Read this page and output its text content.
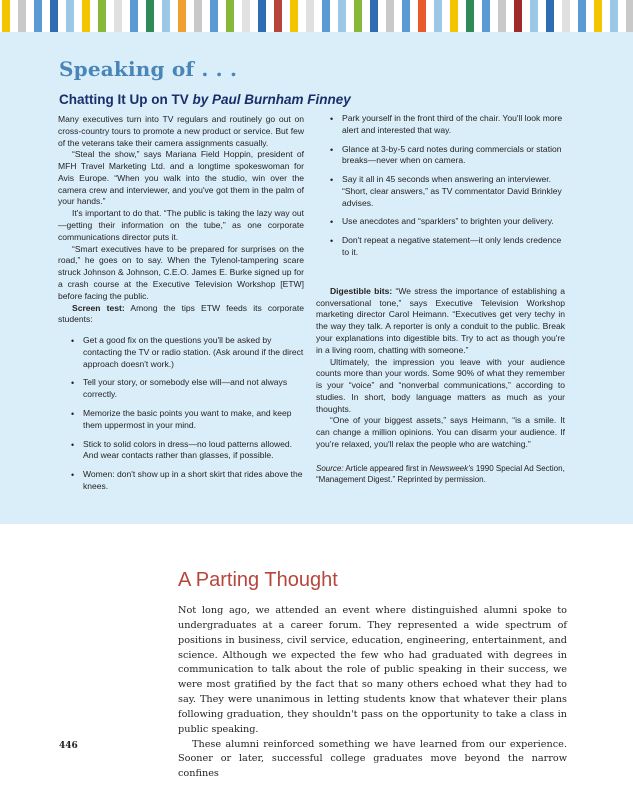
Speaking of . . .
Chatting It Up on TV by Paul Burnham Finney

Many executives turn into TV regulars and routinely go out on cross-country tours to promote a new product or service. But few of the veterans take their camera assignments casually.

“Steal the show,” says Mariana Field Hoppin, president of MFH Travel Marketing Ltd. and a longtime spokeswoman for Avis Europe. “When you walk into the studio, win over the camera crew and interviewer, and you've got them in the palm of your hands.”

It's important to do that. “The public is taking the lazy way out—getting their information on the tube,” as one corporate communications director puts it.

“Smart executives have to be prepared for surprises on the road,” he goes on to say. When the Tylenol-tampering scare struck Johnson & Johnson, C.E.O. James E. Burke signed up for a crash course at the Executive Television Workshop [ETW] before facing the public.

Screen test: Among the tips ETW feeds its corporate students:

• Get a good fix on the questions you'll be asked by contacting the TV or radio station. (Ask around if the direct approach doesn't work.)
• Tell your story, or somebody else will—and not always correctly.
• Memorize the basic points you want to make, and keep them uppermost in your mind.
• Stick to solid colors in dress—no loud patterns allowed. And wear contacts rather than glasses, if possible.
• Women: don't show up in a short skirt that rides above the knees.
• Park yourself in the front third of the chair. You'll look more alert and interested that way.
• Glance at 3-by-5 card notes during commercials or station breaks—never when on camera.
• Say it all in 45 seconds when answering an interviewer. “Short, clear answers,” as TV commentator David Brinkley advises.
• Use anecdotes and “sparklers” to brighten your delivery.
• Don't repeat a negative statement—it only lends credence to it.

Digestible bits: “We stress the importance of establishing a conversational tone,” says Executive Television Workshop marketing director Carol Heimann. “Executives get very techy in the way they talk. A reporter is only a conduit to the public. Break your explanations into digestible bits. Try to act as though you're in a living room, chatting with someone.”

Ultimately, the impression you leave with your audience counts more than your words. Some 90% of what they remember is your “voice” and “nonverbal communications,” according to studies. In short, body language matters as much as your thoughts.

“One of your biggest assets,” says Heimann, “is a smile. It can change a million opinions. You can disarm your audience. If you're relaxed, you'll relax the people who are watching.”

Source: Article appeared first in Newsweek's 1990 Special Ad Section, “Management Digest.” Reprinted by permission.

A Parting Thought

Not long ago, we attended an event where distinguished alumni spoke to undergraduates at a career forum. They represented a wide spectrum of positions in business, civil service, education, engineering, entertainment, and science. Although we expected the few who had graduated with degrees in communication to talk about the role of public speaking in their success, we were most gratified by the fact that so many others echoed what they had to say. They were unanimous in letting students know that whatever their plans following graduation, they shouldn't pass on the opportunity to take a class in public speaking.

These alumni reinforced something we have learned from our experience. Sooner or later, successful college graduates move beyond the narrow confines

446
